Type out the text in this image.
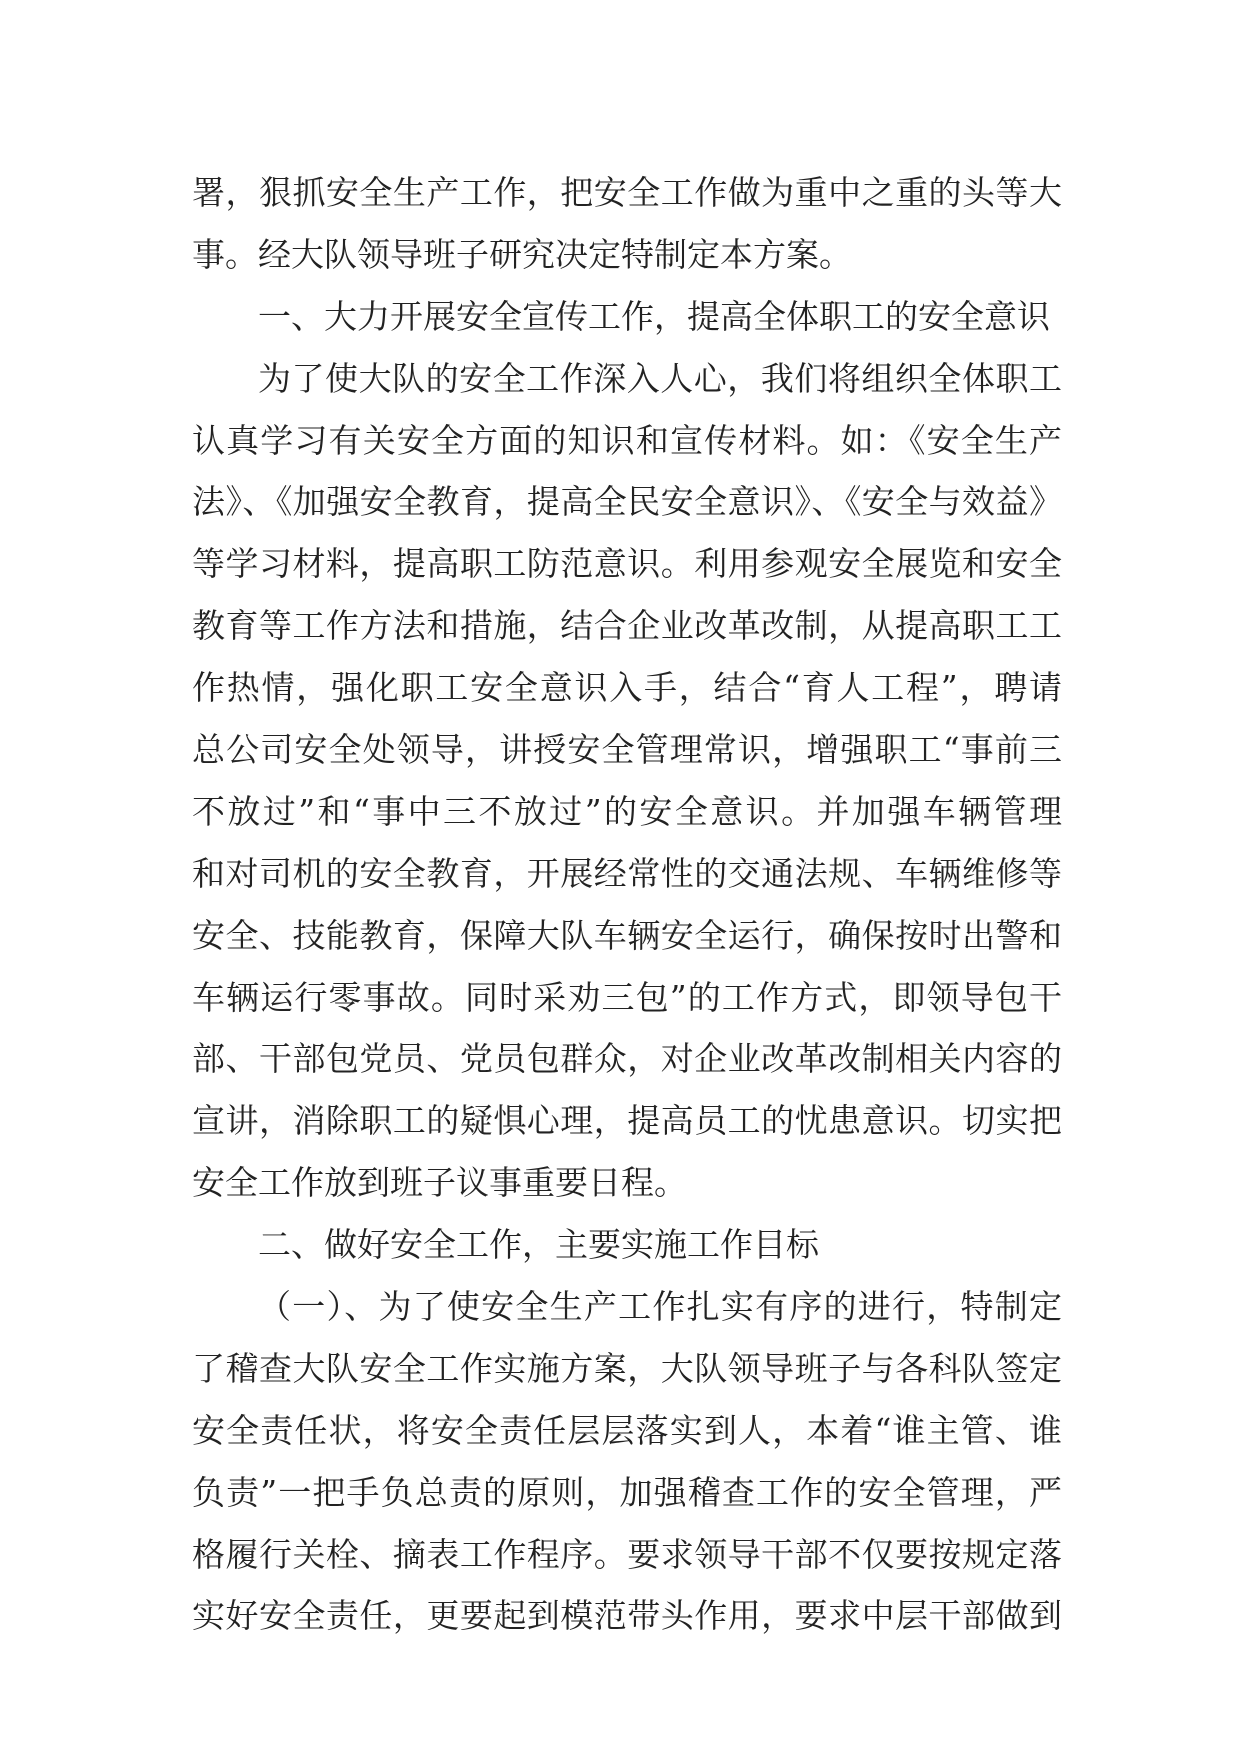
署，狠抓安全生产工作，把安全工作做为重中之重的头等大
事。经大队领导班子研究决定特制定本方案。
一、大力开展安全宣传工作，提高全体职工的安全意识
为了使大队的安全工作深入人心，我们将组织全体职工
认真学习有关安全方面的知识和宣传材料。如：《安全生产
法》、《加强安全教育，提高全民安全意识》、《安全与效益》
等学习材料，提高职工防范意识。利用参观安全展览和安全
教育等工作方法和措施，结合企业改革改制，从提高职工工
作热情，强化职工安全意识入手，结合“育人工程”，聘请
总公司安全处领导，讲授安全管理常识，增强职工“事前三
不放过”和“事中三不放过”的安全意识。并加强车辆管理
和对司机的安全教育，开展经常性的交通法规、车辆维修等
安全、技能教育，保障大队车辆安全运行，确保按时出警和
车辆运行零事故。同时采劝三包”的工作方式，即领导包干
部、干部包党员、党员包群众，对企业改革改制相关内容的
宣讲，消除职工的疑惧心理，提高员工的忧患意识。切实把
安全工作放到班子议事重要日程。
二、做好安全工作，主要实施工作目标
（一）、为了使安全生产工作扎实有序的进行，特制定
了稽查大队安全工作实施方案，大队领导班子与各科队签定
安全责任状，将安全责任层层落实到人，本着“谁主管、谁
负责”一把手负总责的原则，加强稽查工作的安全管理，严
格履行关栓、摘表工作程序。要求领导干部不仅要按规定落
实好安全责任，更要起到模范带头作用，要求中层干部做到
